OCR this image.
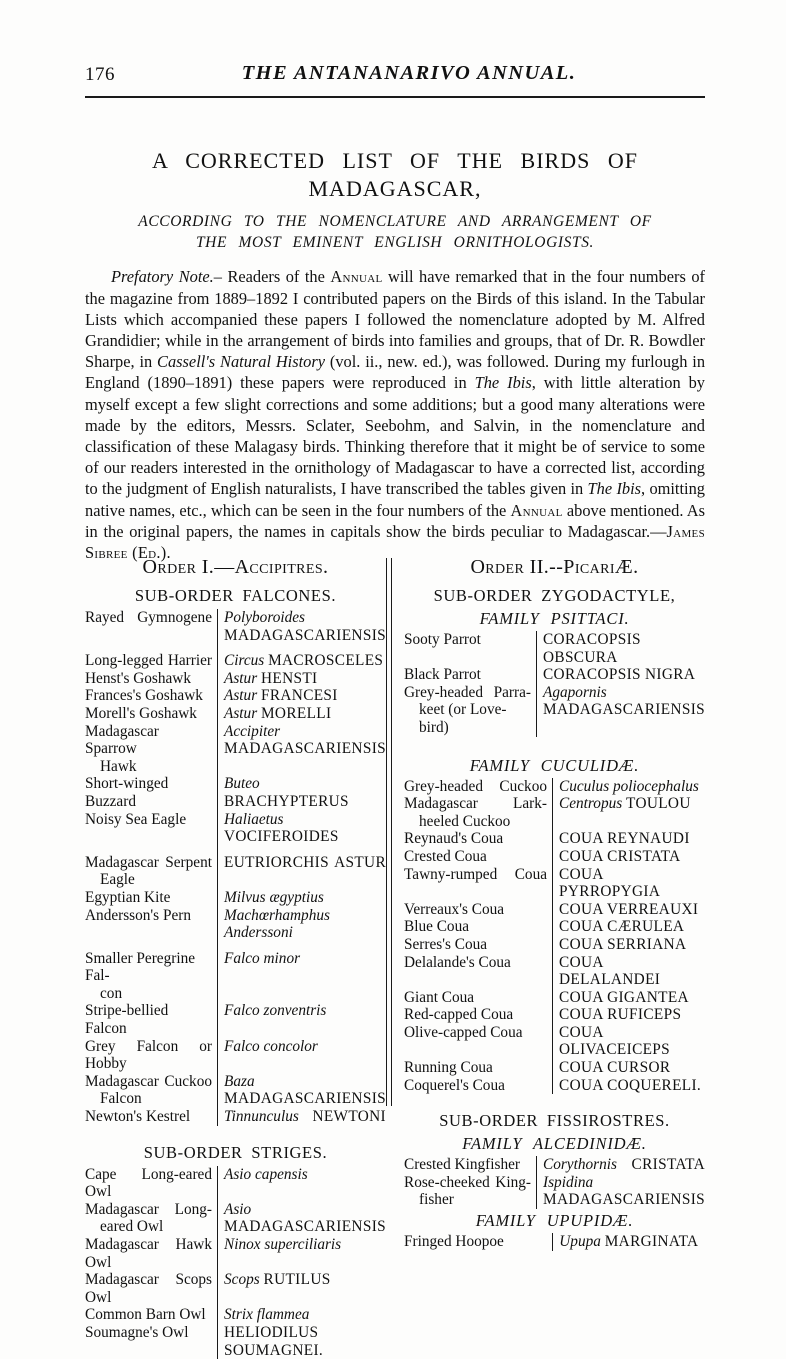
176	THE ANTANANARIVO ANNUAL.
A CORRECTED LIST OF THE BIRDS OF
MADAGASCAR,
ACCORDING TO THE NOMENCLATURE AND ARRANGEMENT OF
THE MOST EMINENT ENGLISH ORNITHOLOGISTS.

Prefatory Note.– Readers of the Annual will have remarked that in the four numbers of the magazine from 1889–1892 I contributed papers on the Birds of this island. In the Tabular Lists which accompanied these papers I followed the nomenclature adopted by M. Alfred Grandidier; while in the arrangement of birds into families and groups, that of Dr. R. Bowdler Sharpe, in Cassell's Natural History (vol. ii., new. ed.), was followed. During my furlough in England (1890–1891) these papers were reproduced in The Ibis, with little alteration by myself except a few slight corrections and some additions; but a good many alterations were made by the editors, Messrs. Sclater, Seebohm, and Salvin, in the nomenclature and classification of these Malagasy birds. Thinking therefore that it might be of service to some of our readers interested in the ornithology of Madagascar to have a corrected list, according to the judgment of English naturalists, I have transcribed the tables given in The Ibis, omitting native names, etc., which can be seen in the four numbers of the Annual above mentioned. As in the original papers, the names in capitals show the birds peculiar to Madagascar.—James Sibree (Ed.).

Order I.—Accipitres.
SUB-ORDER FALCONES.
Rayed Gymnogene	Polyboroides MADAGASCARIENSIS

Long-legged Harrier	Circus MACROSCELES

Henst's Goshawk	Astur HENSTI

Frances's Goshawk	Astur FRANCESI

Morell's Goshawk	Astur MORELLI

Madagascar Sparrow
Hawk	Accipiter MADAGASCARIENSIS

Short-winged Buzzard	Buteo BRACHYPTERUS

Noisy Sea Eagle	Haliaetus VOCIFEROIDES

Madagascar Serpent
Eagle	EUTRIORCHIS ASTUR

Egyptian Kite	Milvus ægyptius

Andersson's Pern	Machœrhamphus Anderssoni

Smaller Peregrine Fal-
con	Falco minor

Stripe-bellied Falcon	Falco zonventris

Grey Falcon or Hobby	Falco concolor

Madagascar Cuckoo
Falcon	Baza MADAGASCARIENSIS

Newton's Kestrel	Tinnunculus NEWTONI
SUB-ORDER STRIGES.
Cape Long-eared Owl	Asio capensis

Madagascar Long-
eared Owl	Asio MADAGASCARIENSIS

Madagascar Hawk Owl	Ninox superciliaris

Madagascar Scops Owl	Scops RUTILUS

Common Barn Owl	Strix flammea

Soumagne's Owl	HELIODILUS SOUMAGNEI.
Order II.--PicariÆ.
SUB-ORDER ZYGODACTYLE,
FAMILY PSITTACI.
Sooty Parrot	CORACOPSIS OBSCURA

Black Parrot	CORACOPSIS NIGRA

Grey-headed Parra-
keet (or Love-bird)	Agapornis MADAGASCARIENSIS
FAMILY CUCULIDÆ.
Grey-headed Cuckoo	Cuculus poliocephalus

Madagascar Lark-
heeled Cuckoo	Centropus TOULOU

Reynaud's Coua	COUA REYNAUDI

Crested Coua	COUA CRISTATA

Tawny-rumped Coua	COUA PYRROPYGIA

Verreaux's Coua	COUA VERREAUXI

Blue Coua	COUA CÆRULEA

Serres's Coua	COUA SERRIANA

Delalande's Coua	COUA DELALANDEI

Giant Coua	COUA GIGANTEA

Red-capped Coua	COUA RUFICEPS

Olive-capped Coua	COUA OLIVACEICEPS

Running Coua	COUA CURSOR

Coquerel's Coua	COUA COQUERELI.
SUB-ORDER FISSIROSTRES.
FAMILY ALCEDINIDÆ.
Crested Kingfisher	Corythornis CRISTATA

Rose-cheeked King-
fisher	Ispidina MADAGASCARIENSIS
FAMILY UPUPIDÆ.
Fringed Hoopoe	Upupa MARGINATA
